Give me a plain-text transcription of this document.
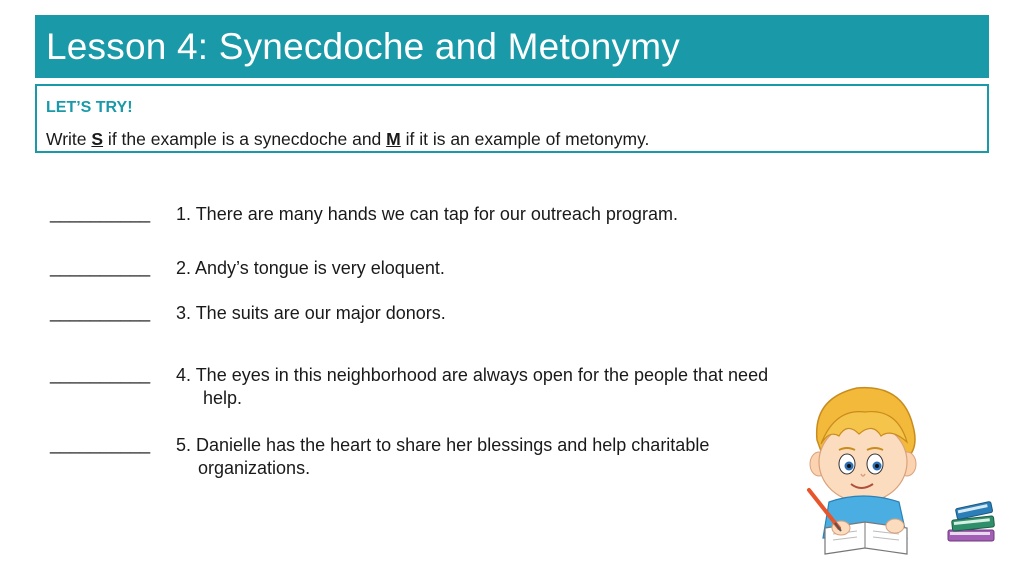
Lesson 4: Synecdoche and Metonymy
LET’S TRY!
Write S if the example is a synecdoche and M if it is an example of metonymy.
__________ 1. There are many hands we can tap for our outreach program.
__________ 2. Andy’s tongue is very eloquent.
__________ 3. The suits are our major donors.
__________ 4. The eyes in this neighborhood are always open for the people that need
help.
__________ 5. Danielle has the heart to share her blessings and help charitable
organizations.
